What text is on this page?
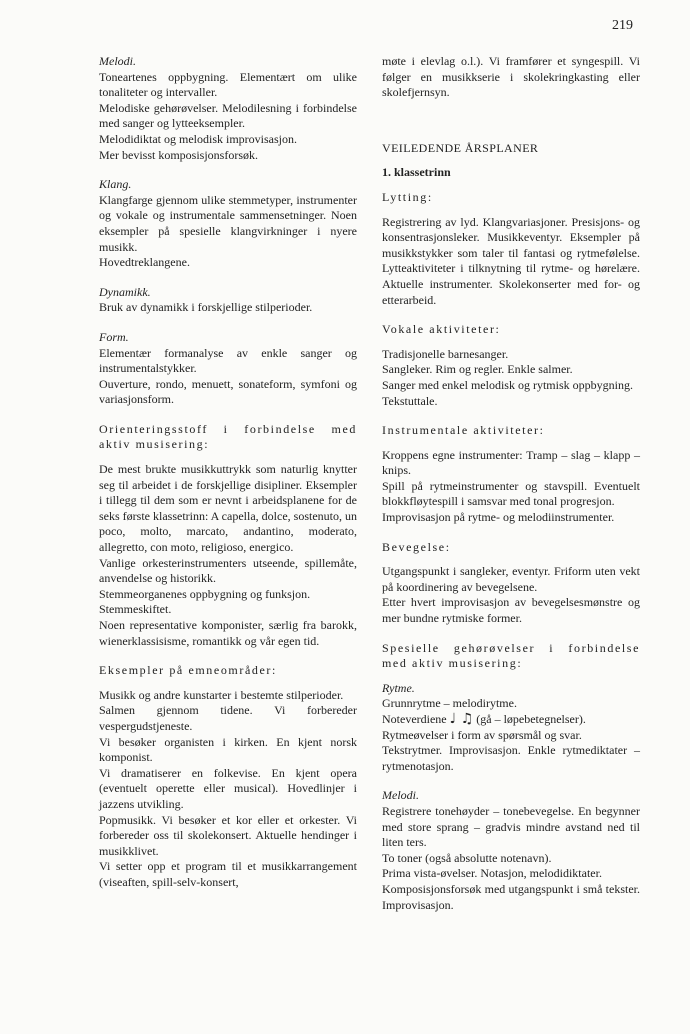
219

Melodi.

Toneartenes oppbygning. Elementært om ulike tonaliteter og intervaller.

Melodiske gehørøvelser. Melodilesning i forbindelse med sanger og lytteeksempler.

Melodidiktat og melodisk improvisasjon.

Mer bevisst komposisjonsforsøk.

Klang.

Klangfarge gjennom ulike stemmetyper, instrumenter og vokale og instrumentale sammensetninger. Noen eksempler på spesielle klangvirkninger i nyere musikk.

Hovedtreklangene.

Dynamikk.

Bruk av dynamikk i forskjellige stilperioder.

Form.

Elementær formanalyse av enkle sanger og instrumentalstykker.

Ouverture, rondo, menuett, sonateform, symfoni og variasjonsform.

Orienteringsstoff i forbindelse med aktiv musisering:

De mest brukte musikkuttrykk som naturlig knytter seg til arbeidet i de forskjellige disipliner. Eksempler i tillegg til dem som er nevnt i arbeidsplanene for de seks første klassetrinn: A capella, dolce, sostenuto, un poco, molto, marcato, andantino, moderato, allegretto, con moto, religioso, energico.

Vanlige orkesterinstrumenters utseende, spillemåte, anvendelse og historikk.

Stemmeorganenes oppbygning og funksjon.

Stemmeskiftet.

Noen representative komponister, særlig fra barokk, wienerklassisisme, romantikk og vår egen tid.

Eksempler på emneområder:

Musikk og andre kunstarter i bestemte stilperioder.

Salmen gjennom tidene. Vi forbereder vespergudstjeneste.

Vi besøker organisten i kirken. En kjent norsk komponist.

Vi dramatiserer en folkevise. En kjent opera (eventuelt operette eller musical). Hovedlinjer i jazzens utvikling.

Popmusikk. Vi besøker et kor eller et orkester. Vi forbereder oss til skolekonsert. Aktuelle hendinger i musikklivet.

Vi setter opp et program til et musikkarrangement (viseaften, spill-selv-konsert,

møte i elevlag o.l.). Vi framfører et syngespill. Vi følger en musikkserie i skolekringkasting eller skolefjernsyn.

VEILEDENDE ÅRSPLANER

1. klassetrinn

Lytting:

Registrering av lyd. Klangvariasjoner. Presisjons- og konsentrasjonsleker. Musikkeventyr. Eksempler på musikkstykker som taler til fantasi og rytmefølelse. Lytteaktiviteter i tilknytning til rytme- og hørelære. Aktuelle instrumenter. Skolekonserter med for- og etterarbeid.

Vokale aktiviteter:

Tradisjonelle barnesanger.

Sangleker. Rim og regler. Enkle salmer.

Sanger med enkel melodisk og rytmisk oppbygning.

Tekstuttale.

Instrumentale aktiviteter:

Kroppens egne instrumenter: Tramp – slag – klapp – knips.

Spill på rytmeinstrumenter og stavspill. Eventuelt blokkfløytespill i samsvar med tonal progresjon.

Improvisasjon på rytme- og melodiinstrumenter.

Bevegelse:

Utgangspunkt i sangleker, eventyr. Friform uten vekt på koordinering av bevegelsene.

Etter hvert improvisasjon av bevegelsesmønstre og mer bundne rytmiske former.

Spesielle gehørøvelser i forbindelse med aktiv musisering:

Rytme.

Grunnrytme – melodirytme.

Noteverdiene ♩ ♫ (gå – løpebetegnelser).

Rytmeøvelser i form av spørsmål og svar.

Tekstrytmer. Improvisasjon. Enkle rytmediktater – rytmenotasjon.

Melodi.

Registrere tonehøyder – tonebevegelse. En begynner med store sprang – gradvis mindre avstand ned til liten ters.

To toner (også absolutte notenavn).

Prima vista-øvelser. Notasjon, melodidiktater.

Komposisjonsforsøk med utgangspunkt i små tekster. Improvisasjon.
